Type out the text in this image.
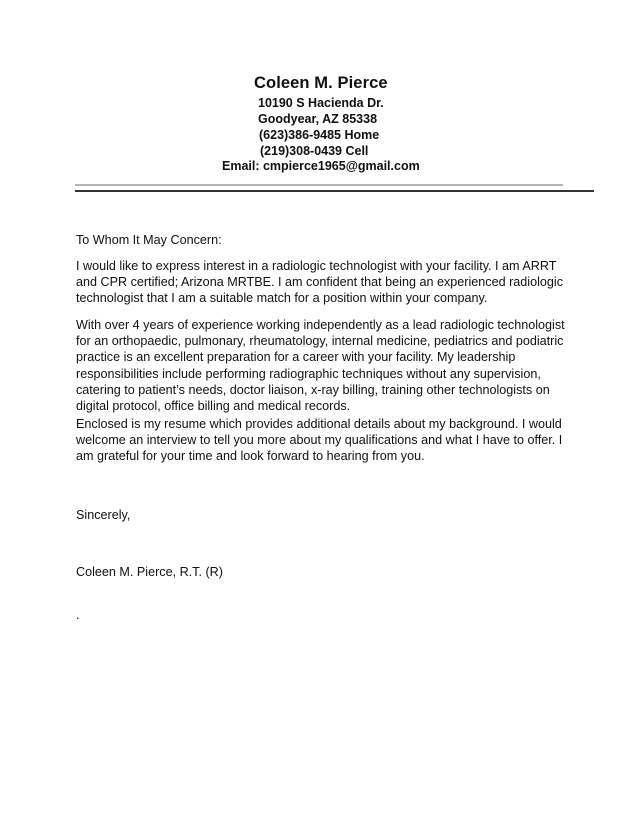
Coleen M. Pierce
10190 S Hacienda Dr.
Goodyear, AZ 85338
(623)386-9485 Home
(219)308-0439 Cell
Email: cmpierce1965@gmail.com
To Whom It May Concern:
I would like to express interest in a radiologic technologist with your facility. I am ARRT
and CPR certified; Arizona MRTBE. I am confident that being an experienced radiologic
technologist that I am a suitable match for a position within your company.
With over 4 years of experience working independently as a lead radiologic technologist
for an orthopaedic, pulmonary, rheumatology, internal medicine, pediatrics and podiatric
practice is an excellent preparation for a career with your facility. My leadership
responsibilities include performing radiographic techniques without any supervision,
catering to patient’s needs, doctor liaison, x-ray billing, training other technologists on
digital protocol, office billing and medical records.
Enclosed is my resume which provides additional details about my background. I would
welcome an interview to tell you more about my qualifications and what I have to offer. I
am grateful for your time and look forward to hearing from you.
Sincerely,
Coleen M. Pierce, R.T. (R)
.
